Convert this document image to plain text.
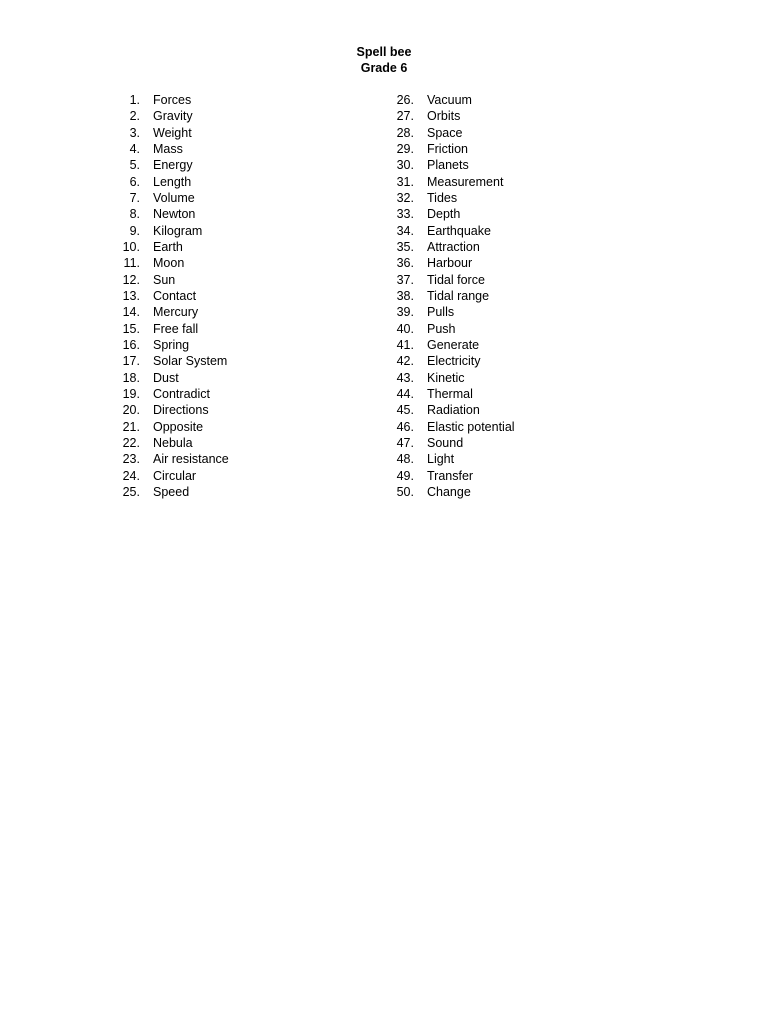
Spell bee
Grade 6
1. Forces
2. Gravity
3. Weight
4. Mass
5. Energy
6. Length
7. Volume
8. Newton
9. Kilogram
10. Earth
11. Moon
12. Sun
13. Contact
14. Mercury
15. Free fall
16. Spring
17. Solar System
18. Dust
19. Contradict
20. Directions
21. Opposite
22. Nebula
23. Air resistance
24. Circular
25. Speed
26. Vacuum
27. Orbits
28. Space
29. Friction
30. Planets
31. Measurement
32. Tides
33. Depth
34. Earthquake
35. Attraction
36. Harbour
37. Tidal force
38. Tidal range
39. Pulls
40. Push
41. Generate
42. Electricity
43. Kinetic
44. Thermal
45. Radiation
46. Elastic potential
47. Sound
48. Light
49. Transfer
50. Change
